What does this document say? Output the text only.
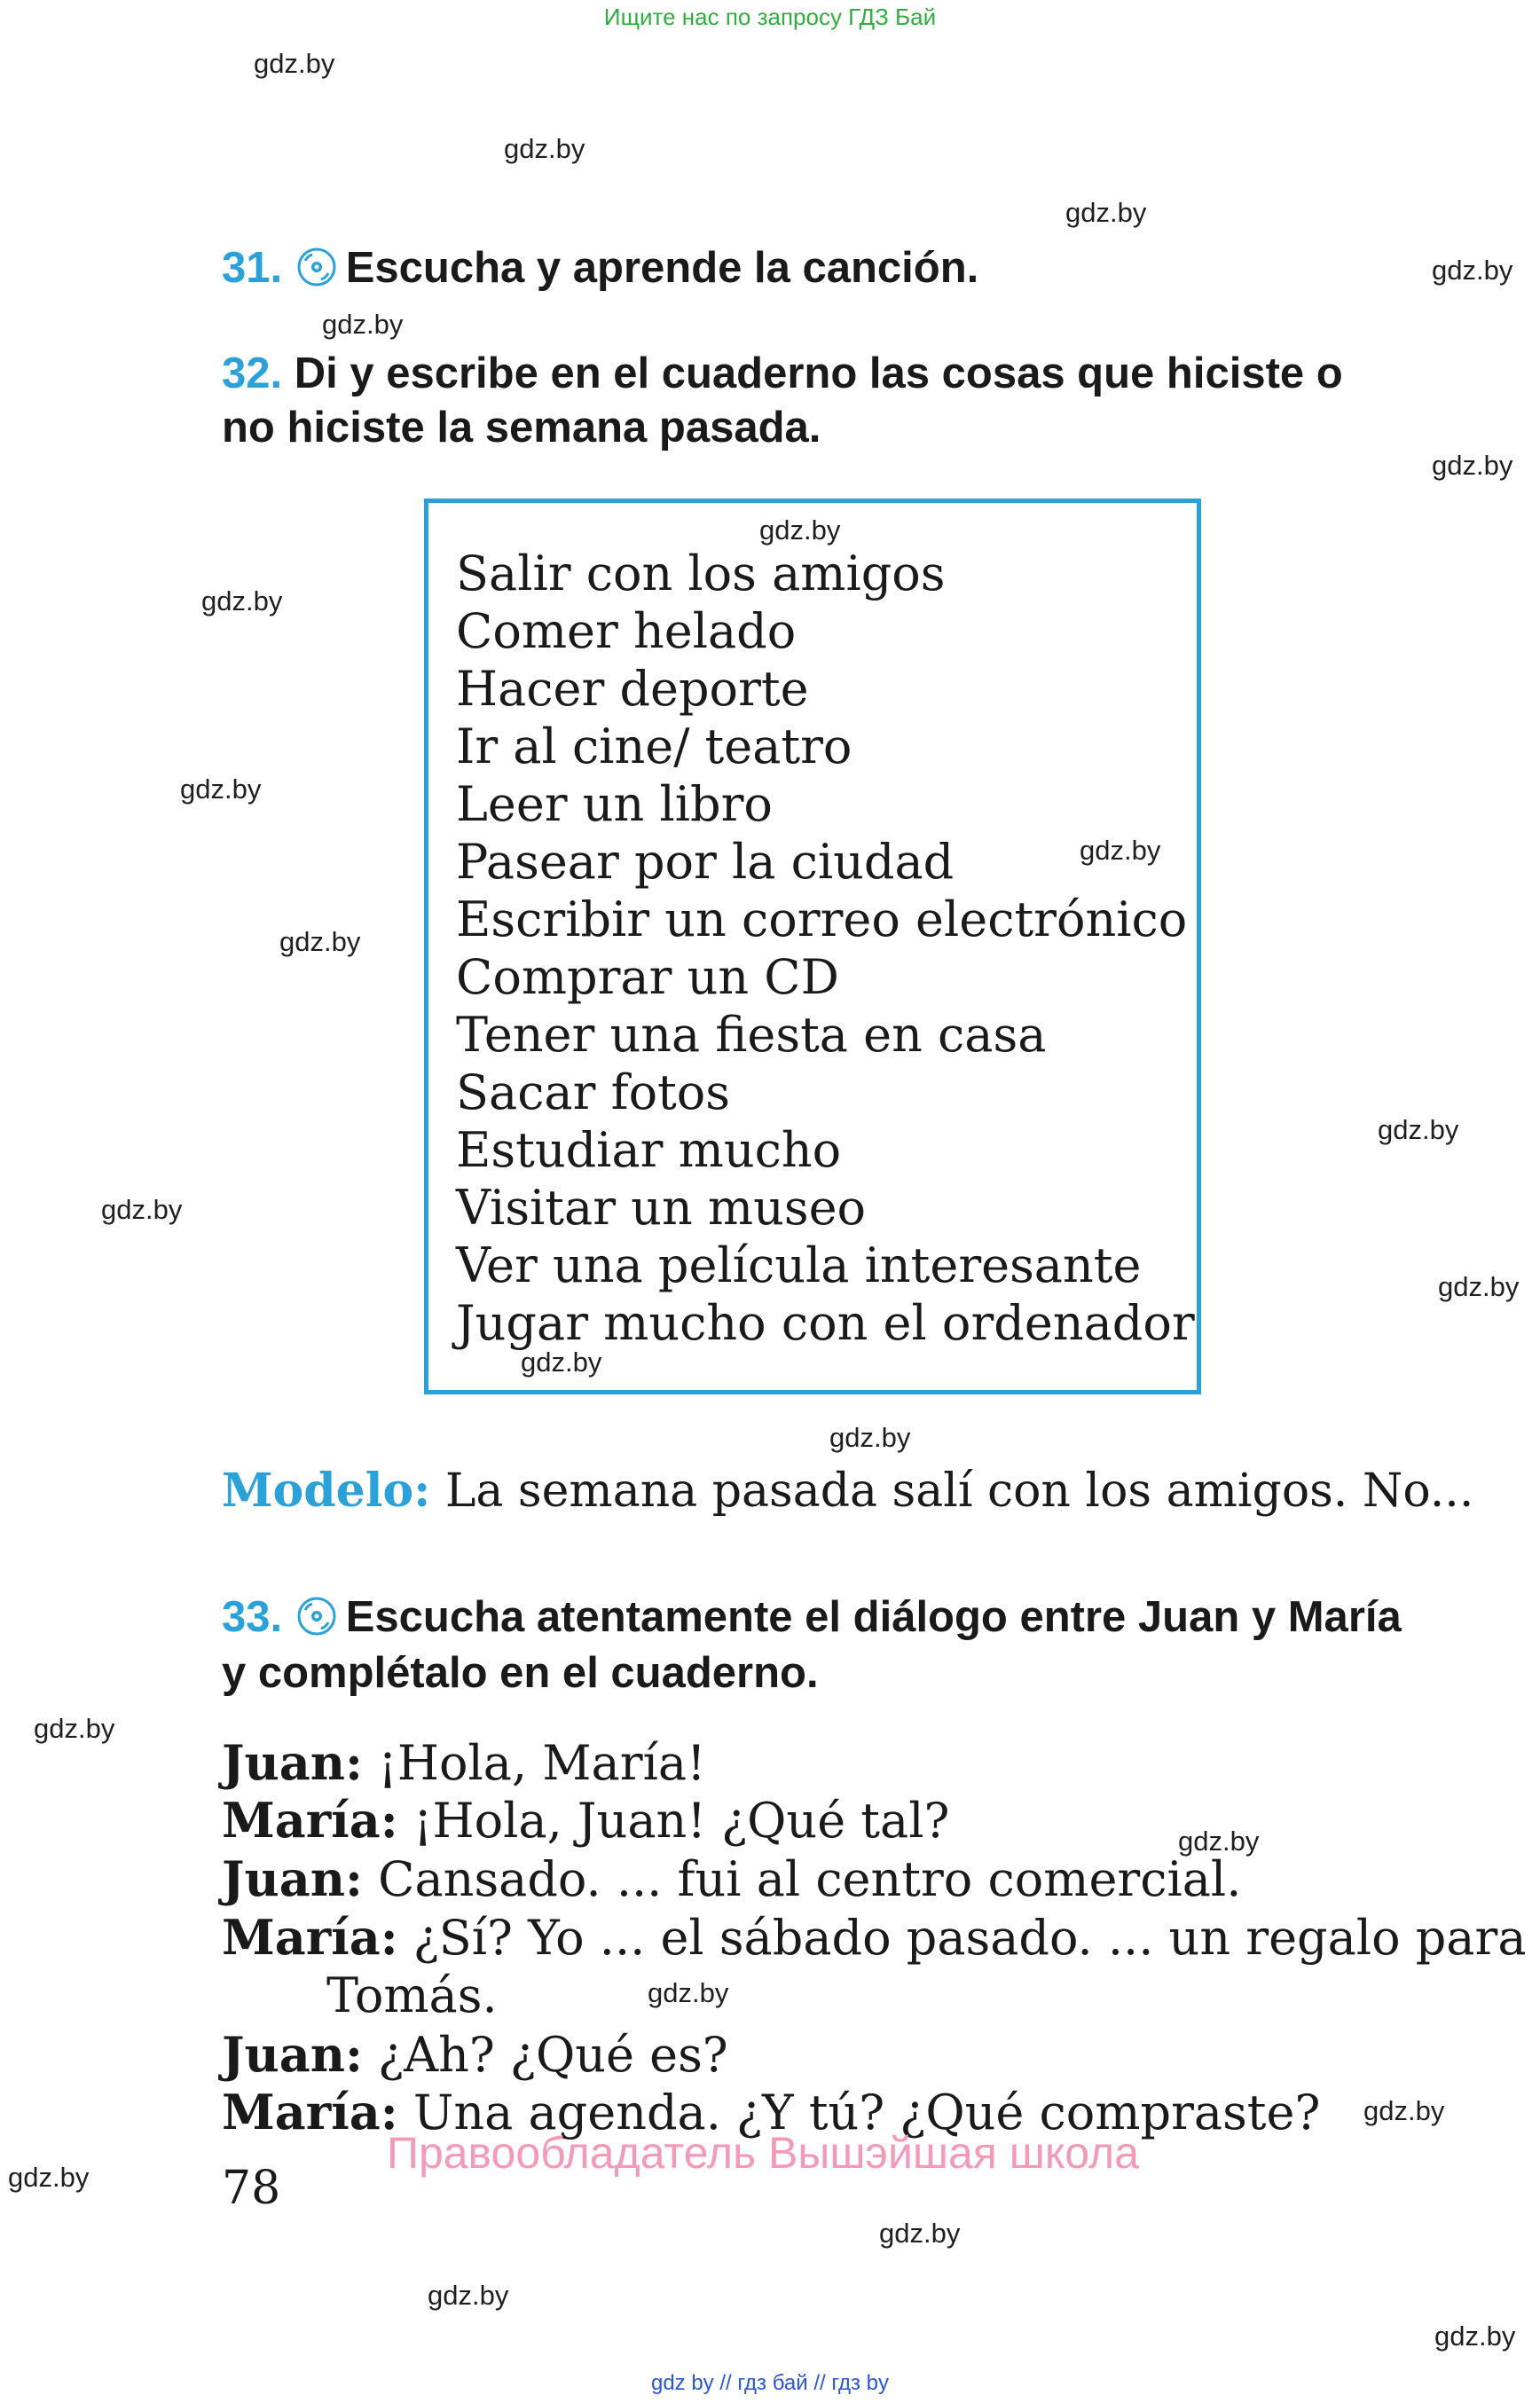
Ищите нас по запросу ГДЗ Бай
gdz.by
gdz.by
gdz.by
gdz.by
gdz.by
gdz.by
gdz.by
gdz.by
gdz.by
gdz.by
gdz.by
gdz.by
gdz.by
gdz.by
gdz.by
gdz.by
gdz.by
gdz.by
gdz.by
gdz.by
gdz.by
gdz.by
gdz.by
gdz.by
31. Escucha y aprende la canción.
32. Di y escribe en el cuaderno las cosas que hiciste o
no hiciste la semana pasada.
Salir con los amigos
Comer helado
Hacer deporte
Ir al cine/ teatro
Leer un libro
Pasear por la ciudad
Escribir un correo electrónico
Comprar un CD
Tener una fiesta en casa
Sacar fotos
Estudiar mucho
Visitar un museo
Ver una película interesante
Jugar mucho con el ordenador
Modelo: La semana pasada salí con los amigos. No...
33. Escucha atentamente el diálogo entre Juan y María
y complétalo en el cuaderno.
Juan: ¡Hola, María!
María: ¡Hola, Juan! ¿Qué tal?
Juan: Cansado. ... fui al centro comercial.
María: ¿Sí? Yo ... el sábado pasado. ... un regalo para
Tomás.
Juan: ¿Ah? ¿Qué es?
María: Una agenda. ¿Y tú? ¿Qué compraste?
Правообладатель Вышэйшая школа
78
gdz by // гдз бай // гдз by
